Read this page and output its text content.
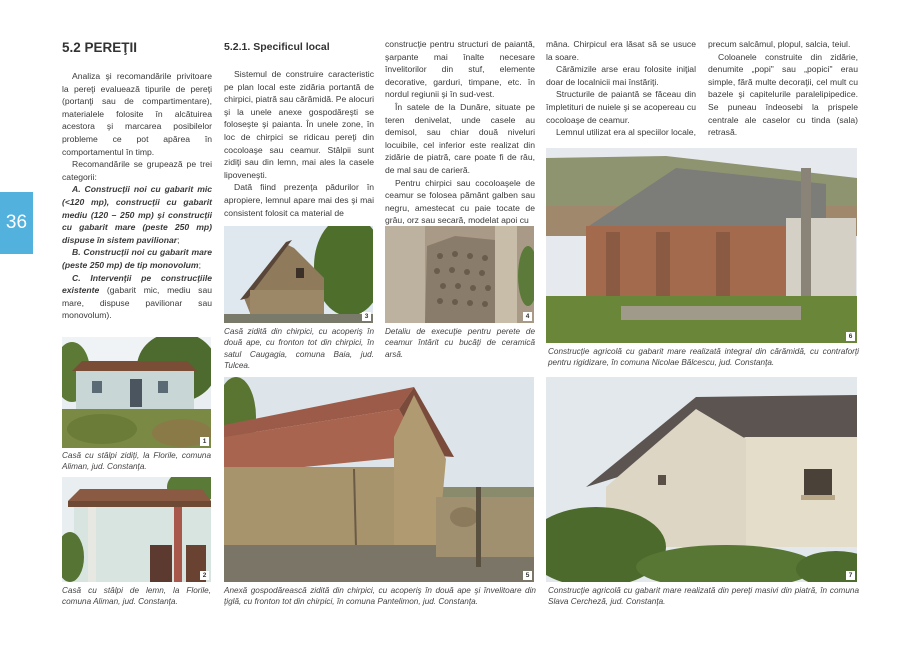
36
5.2 PEREŢII

Analiza şi recomandările privitoare la pereţi evaluează tipurile de pereţi (portanţi sau de compartimentare), materialele folosite în alcătuirea acestora şi marcarea posibilelor probleme ce pot apărea în comportamentul în timp.

Recomandările se grupează pe trei categorii:

A. Construcţii noi cu gabarit mic (<120 mp), construcţii cu gabarit mediu (120 – 250 mp) şi construcţii cu gabarit mare (peste 250 mp) dispuse în sistem pavilionar;

B. Construcţii noi cu gabarit mare (peste 250 mp) de tip monovolum;

C. Intervenţii pe construcţiile existente (gabarit mic, mediu sau mare, dispuse pavilionar sau monovolum).

5.2.1. Specificul local

Sistemul de construire caracteristic pe plan local este zidăria portantă de chirpici, piatră sau cărămidă. Pe alocuri şi la unele anexe gospodăreşti se foloseşte şi paianta. În unele zone, în loc de chirpici se ridicau pereţi din cocoloaşe sau ceamur. Stâlpii sunt zidiţi sau din lemn, mai ales la casele lipoveneşti.

Dată fiind prezenţa pădurilor în apropiere, lemnul apare mai des şi mai consistent folosit ca material de

construcţie pentru structuri de paiantă, şarpante mai înalte necesare învelitorilor din stuf, elemente decorative, garduri, timpane, etc. în nordul regiunii şi în sud-vest.

În satele de la Dunăre, situate pe teren denivelat, unde casele au demisol, sau chiar două niveluri locuibile, cel inferior este realizat din zidărie de piatră, care poate fi de râu, de mal sau de carieră.

Pentru chirpici sau cocoloaşele de ceamur se folosea pământ galben sau negru, amestecat cu paie tocate de grâu, orz sau secară, modelat apoi cu

mâna. Chirpicul era lăsat să se usuce la soare.

Cărămizile arse erau folosite iniţial doar de localnicii mai înstăriţi.

Structurile de paiantă se făceau din împletituri de nuiele şi se acopereau cu cocoloaşe de ceamur.

Lemnul utilizat era al speciilor locale,

precum salcâmul, plopul, salcia, teiul.

Coloanele construite din zidărie, denumite „popi" sau „popici" erau simple, fără multe decoraţii, cel mult cu bazele şi capitelurile paralelipipedice. Se puneau îndeosebi la prispele centrale ale caselor cu tinda (sala) retrasă.

1
Casă cu stâlpi zidiţi, la Florile, comuna Aliman, jud. Constanţa.
2
Casă cu stâlpi de lemn, la Florile, comuna Aliman, jud. Constanţa.
3
Casă zidită din chirpici, cu acoperiş în două ape, cu fronton tot din chirpici, în satul Caugagia, comuna Baia, jud. Tulcea.
4
Detaliu de execuţie pentru perete de ceamur întărit cu bucăţi de ceramică arsă.
5
Anexă gospodărească zidită din chirpici, cu acoperiş în două ape şi învelitoare din ţiglă, cu fronton tot din chirpici, în comuna Pantelimon, jud. Constanţa.
6
Construcţie agricolă cu gabarit mare realizată integral din cărămidă, cu contraforţi pentru rigidizare, în comuna Nicolae Bălcescu, jud. Constanţa.
7
Construcţie agricolă cu gabarit mare realizată din pereţi masivi din piatră, în comuna Slava Cercheză, jud. Constanţa.
